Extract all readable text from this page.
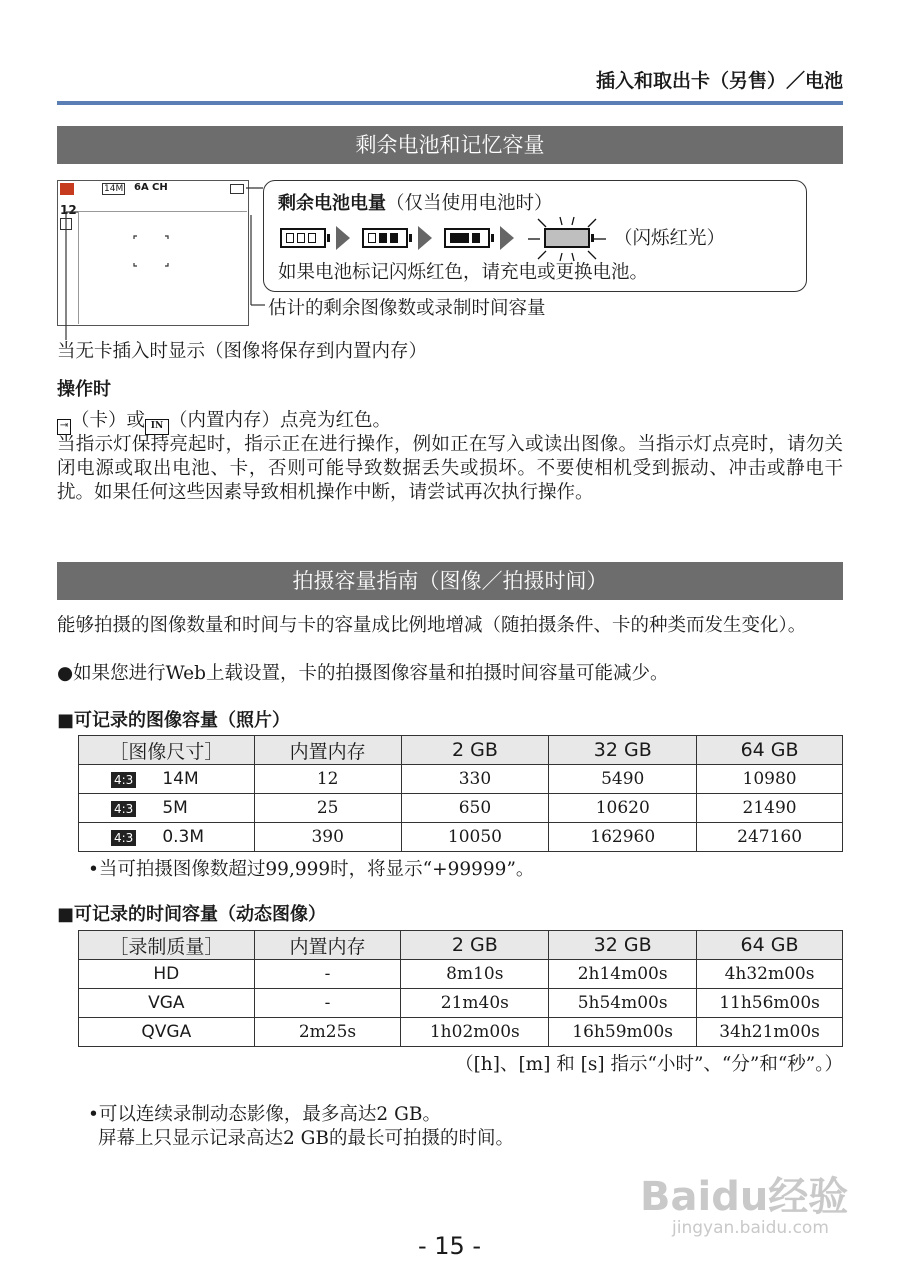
插入和取出卡（另售）／电池
剩余电池和记忆容量
14M 6A CH
12	剩余电池电量（仅当使用电池时）
（闪烁红光）
如果电池标记闪烁红色，请充电或更换电池。
估计的剩余图像数或录制时间容量
当无卡插入时显示（图像将保存到内置内存）
操作时
⇥ （卡）或 IN （内置内存）点亮为红色。
当指示灯保持亮起时，指示正在进行操作，例如正在写入或读出图像。当指示灯点亮时，请勿关闭电源或取出电池、卡，否则可能导致数据丢失或损坏。不要使相机受到振动、冲击或静电干扰。如果任何这些因素导致相机操作中断，请尝试再次执行操作。
拍摄容量指南（图像／拍摄时间）
能够拍摄的图像数量和时间与卡的容量成比例地增减（随拍摄条件、卡的种类而发生变化）。
●如果您进行Web上载设置，卡的拍摄图像容量和拍摄时间容量可能减少。
■可记录的图像容量（照片）
［图像尺寸］	内置内存	2 GB	32 GB	64 GB
4:3 14M	12	330	5490	10980
4:3 5M	25	650	10620	21490
4:3 0.3M	390	10050	162960	247160
•当可拍摄图像数超过99,999时，将显示“+99999”。
■可记录的时间容量（动态图像）
［录制质量］	内置内存	2 GB	32 GB	64 GB
HD	-	8m10s	2h14m00s	4h32m00s
VGA	-	21m40s	5h54m00s	11h56m00s
QVGA	2m25s	1h02m00s	16h59m00s	34h21m00s
（[h]、[m] 和 [s] 指示“小时”、“分”和“秒”。）
•可以连续录制动态影像，最多高达2 GB。
屏幕上只显示记录高达2 GB的最长可拍摄的时间。
Baidu经验
jingyan.baidu.com
- 15 -
